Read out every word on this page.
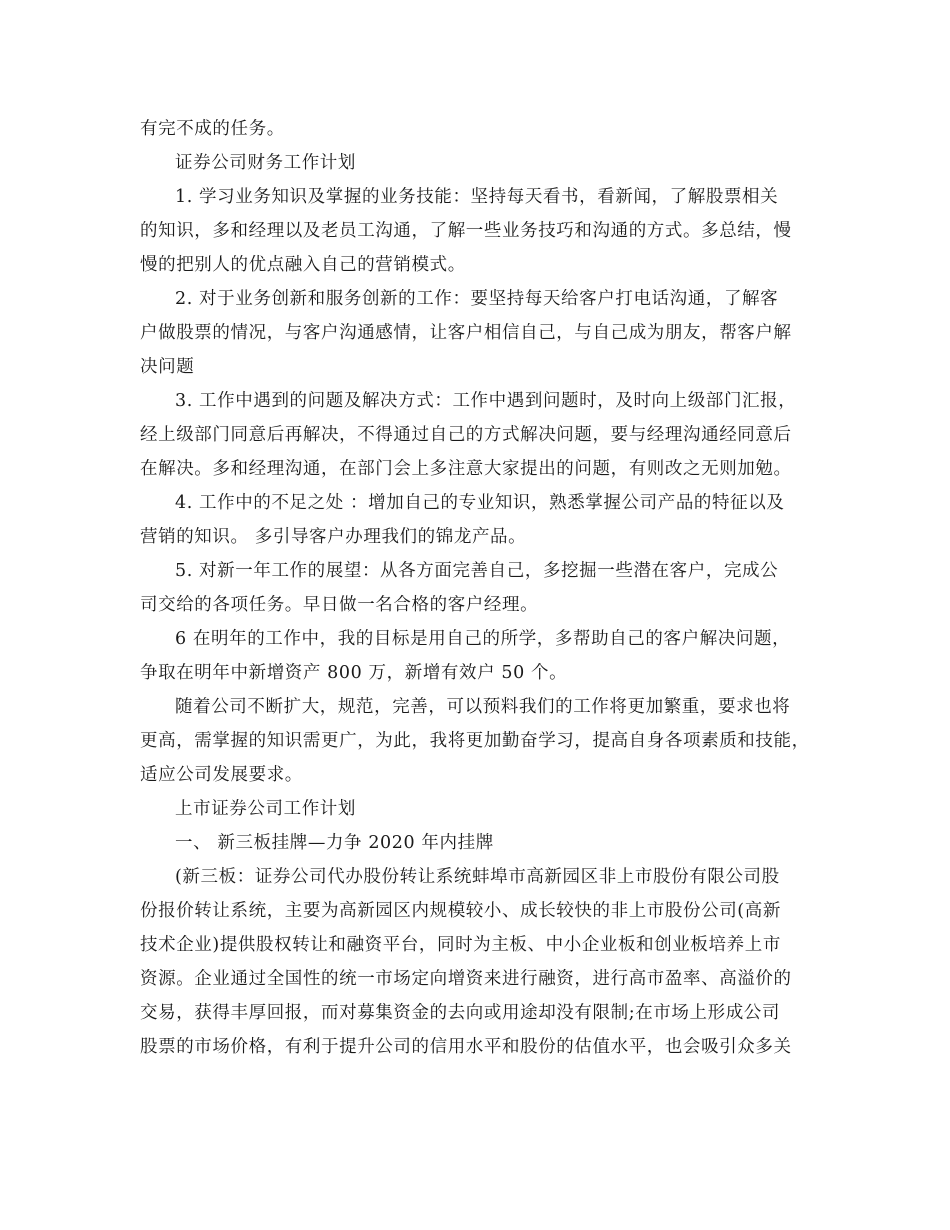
有完不成的任务。
证券公司财务工作计划
1. 学习业务知识及掌握的业务技能：坚持每天看书，看新闻，了解股票相关
的知识，多和经理以及老员工沟通，了解一些业务技巧和沟通的方式。多总结，慢
慢的把别人的优点融入自己的营销模式。
2. 对于业务创新和服务创新的工作：要坚持每天给客户打电话沟通，了解客
户做股票的情况，与客户沟通感情，让客户相信自己，与自己成为朋友，帮客户解
决问题
3. 工作中遇到的问题及解决方式：工作中遇到问题时，及时向上级部门汇报，
经上级部门同意后再解决，不得通过自己的方式解决问题，要与经理沟通经同意后
在解决。多和经理沟通，在部门会上多注意大家提出的问题，有则改之无则加勉。
4. 工作中的不足之处 ：增加自己的专业知识，熟悉掌握公司产品的特征以及
营销的知识。 多引导客户办理我们的锦龙产品。
5. 对新一年工作的展望：从各方面完善自己，多挖掘一些潜在客户，完成公
司交给的各项任务。早日做一名合格的客户经理。
6 在明年的工作中，我的目标是用自己的所学，多帮助自己的客户解决问题，
争取在明年中新增资产 800 万，新增有效户 50 个。
随着公司不断扩大，规范，完善，可以预料我们的工作将更加繁重，要求也将
更高，需掌握的知识需更广，为此，我将更加勤奋学习，提高自身各项素质和技能，
适应公司发展要求。
上市证券公司工作计划
一、 新三板挂牌—力争 2020 年内挂牌
(新三板：证券公司代办股份转让系统蚌埠市高新园区非上市股份有限公司股
份报价转让系统，主要为高新园区内规模较小、成长较快的非上市股份公司(高新
技术企业)提供股权转让和融资平台，同时为主板、中小企业板和创业板培养上市
资源。企业通过全国性的统一市场定向增资来进行融资，进行高市盈率、高溢价的
交易，获得丰厚回报，而对募集资金的去向或用途却没有限制;在市场上形成公司
股票的市场价格，有利于提升公司的信用水平和股份的估值水平，也会吸引众多关
